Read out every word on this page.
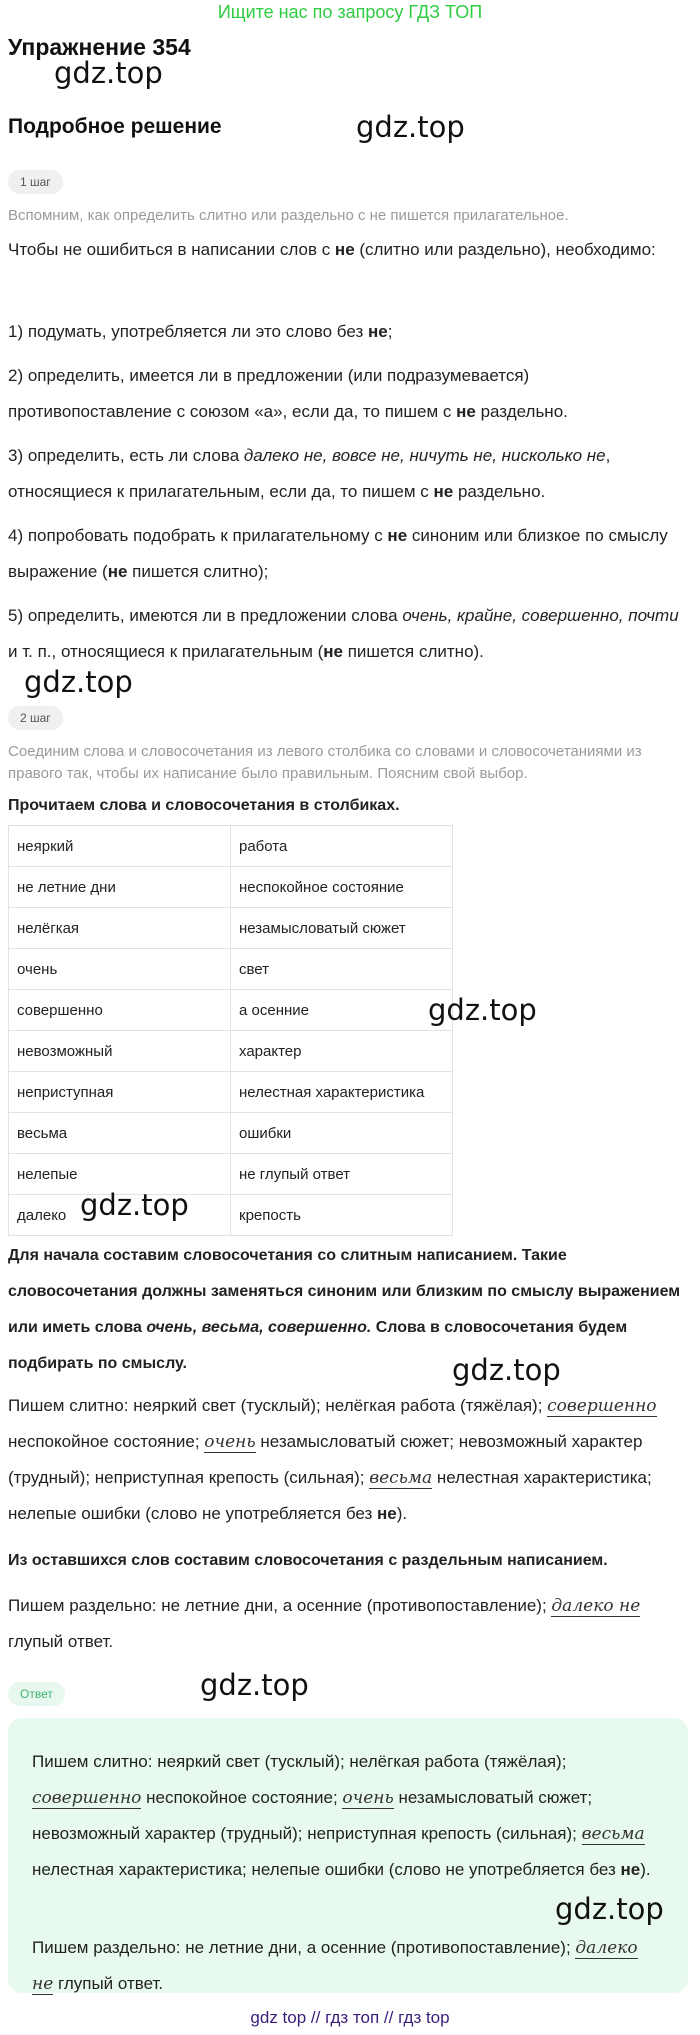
Ищите нас по запросу ГДЗ ТОП
Упражнение 354
gdz.top
Подробное решение	gdz.top
1 шаг
Вспомним, как определить слитно или раздельно с не пишется прилагательное.
Чтобы не ошибиться в написании слов с не (слитно или раздельно), необходимо:
1) подумать, употребляется ли это слово без не;
2) определить, имеется ли в предложении (или подразумевается) противопоставление с союзом «а», если да, то пишем с не раздельно.
3) определить, есть ли слова далеко не, вовсе не, ничуть не, нисколько не, относящиеся к прилагательным, если да, то пишем с не раздельно.
4) попробовать подобрать к прилагательному с не синоним или близкое по смыслу выражение (не пишется слитно);
5) определить, имеются ли в предложении слова очень, крайне, совершенно, почти и т. п., относящиеся к прилагательным (не пишется слитно).
gdz.top
2 шаг
Соединим слова и словосочетания из левого столбика со словами и словосочетаниями из правого так, чтобы их написание было правильным. Поясним свой выбор.
Прочитаем слова и словосочетания в столбиках.
неяркий	работа
не летние дни	неспокойное состояние
нелёгкая	незамысловатый сюжет
очень	свет
совершенно	а осенние
невозможный	характер
неприступная	нелестная характеристика
весьма	ошибки
нелепые	не глупый ответ
далеко	крепость
gdz.top
gdz.top
Для начала составим словосочетания со слитным написанием. Такие словосочетания должны заменяться синоним или близким по смыслу выражением или иметь слова очень, весьма, совершенно. Слова в словосочетания будем подбирать по смыслу.	gdz.top
Пишем слитно: неяркий свет (тусклый); нелёгкая работа (тяжёлая); совершенно неспокойное состояние; очень незамысловатый сюжет; невозможный характер (трудный); неприступная крепость (сильная); весьма нелестная характеристика; нелепые ошибки (слово не употребляется без не).
Из оставшихся слов составим словосочетания с раздельным написанием.
Пишем раздельно: не летние дни, а осенние (противопоставление); далеко не глупый ответ.
Ответ	gdz.top
Пишем слитно: неяркий свет (тусклый); нелёгкая работа (тяжёлая); совершенно неспокойное состояние; очень незамысловатый сюжет; невозможный характер (трудный); неприступная крепость (сильная); весьма нелестная характеристика; нелепые ошибки (слово не употребляется без не).
gdz.top
Пишем раздельно: не летние дни, а осенние (противопоставление); далеко не глупый ответ.
gdz top // гдз топ // гдз top
